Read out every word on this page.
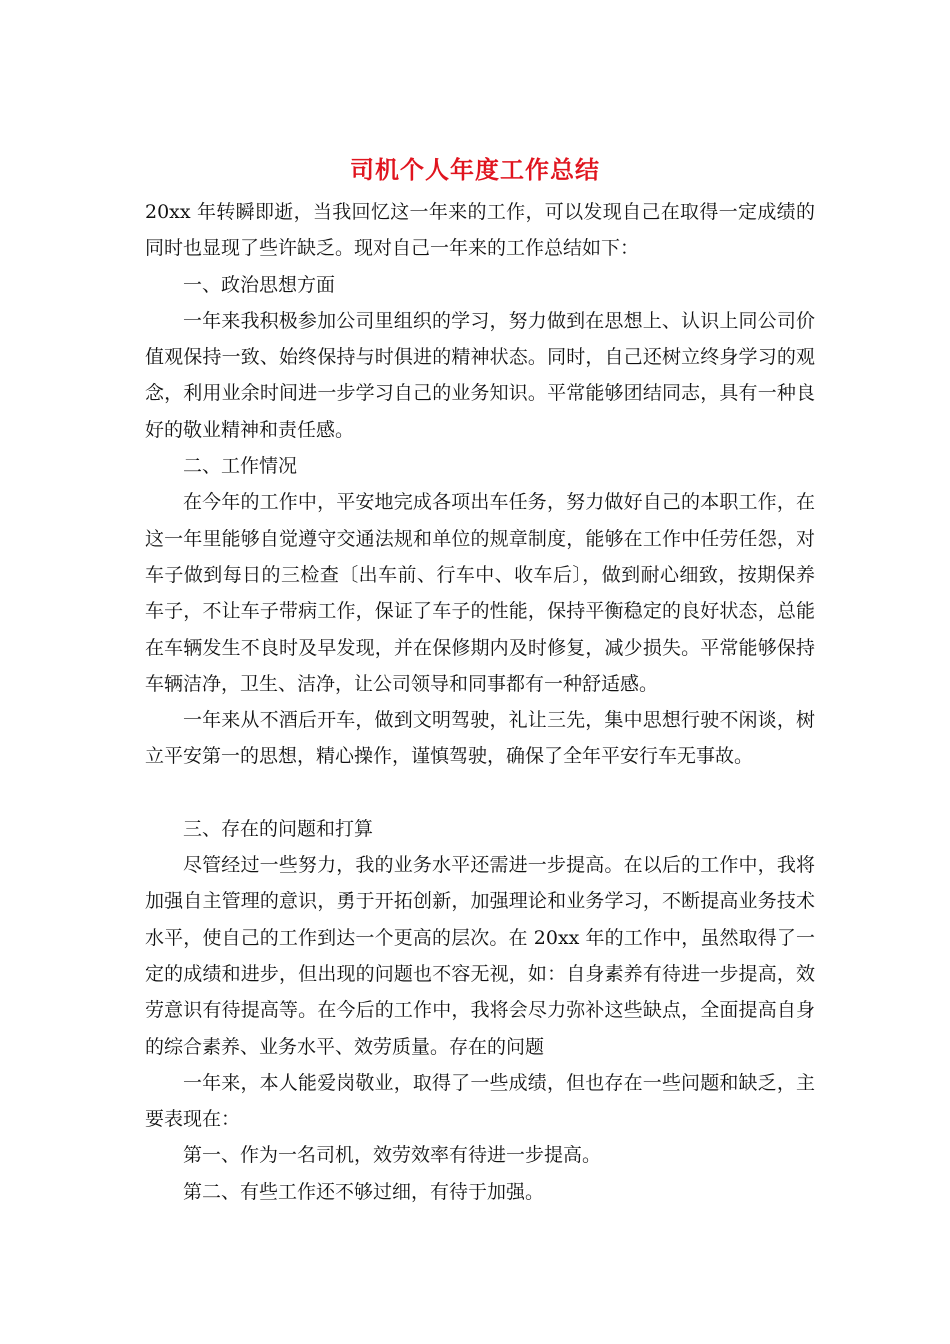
司机个人年度工作总结

20xx 年转瞬即逝，当我回忆这一年来的工作，可以发现自己在取得一定成绩的同时也显现了些许缺乏。现对自己一年来的工作总结如下：

一、政治思想方面

一年来我积极参加公司里组织的学习，努力做到在思想上、认识上同公司价值观保持一致、始终保持与时俱进的精神状态。同时，自己还树立终身学习的观念，利用业余时间进一步学习自己的业务知识。平常能够团结同志，具有一种良好的敬业精神和责任感。

二、工作情况

在今年的工作中，平安地完成各项出车任务，努力做好自己的本职工作，在这一年里能够自觉遵守交通法规和单位的规章制度，能够在工作中任劳任怨，对车子做到每日的三检查〔出车前、行车中、收车后〕，做到耐心细致，按期保养车子，不让车子带病工作，保证了车子的性能，保持平衡稳定的良好状态，总能在车辆发生不良时及早发现，并在保修期内及时修复，减少损失。平常能够保持车辆洁净，卫生、洁净，让公司领导和同事都有一种舒适感。

一年来从不酒后开车，做到文明驾驶，礼让三先，集中思想行驶不闲谈，树立平安第一的思想，精心操作，谨慎驾驶，确保了全年平安行车无事故。

三、存在的问题和打算

尽管经过一些努力，我的业务水平还需进一步提高。在以后的工作中，我将加强自主管理的意识，勇于开拓创新，加强理论和业务学习，不断提高业务技术水平，使自己的工作到达一个更高的层次。在 20xx 年的工作中，虽然取得了一定的成绩和进步，但出现的问题也不容无视，如：自身素养有待进一步提高，效劳意识有待提高等。在今后的工作中，我将会尽力弥补这些缺点，全面提高自身的综合素养、业务水平、效劳质量。存在的问题

一年来，本人能爱岗敬业，取得了一些成绩，但也存在一些问题和缺乏，主要表现在：

第一、作为一名司机，效劳效率有待进一步提高。

第二、有些工作还不够过细，有待于加强。
